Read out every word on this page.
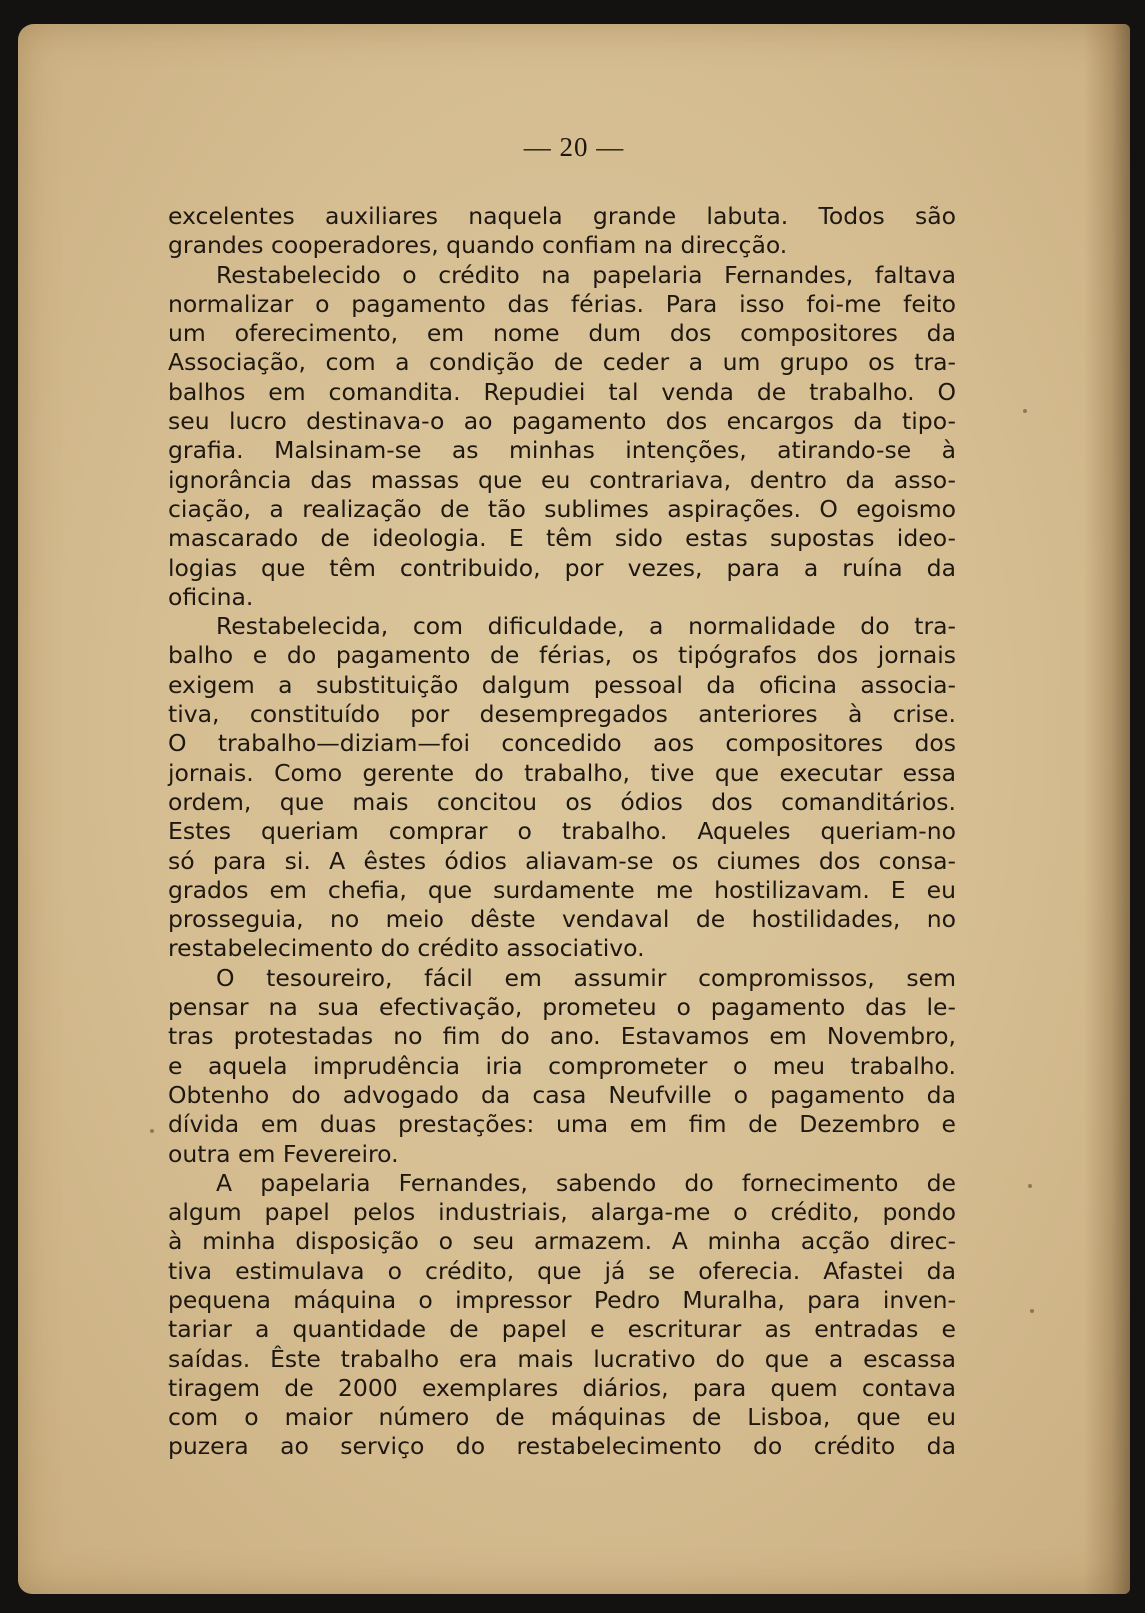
— 20 —
excelentes auxiliares naquela grande labuta. Todos são
grandes cooperadores, quando confiam na direcção.
Restabelecido o crédito na papelaria Fernandes, faltava
normalizar o pagamento das férias. Para isso foi-me feito
um oferecimento, em nome dum dos compositores da
Associação, com a condição de ceder a um grupo os tra-
balhos em comandita. Repudiei tal venda de trabalho. O
seu lucro destinava-o ao pagamento dos encargos da tipo-
grafia. Malsinam-se as minhas intenções, atirando-se à
ignorância das massas que eu contrariava, dentro da asso-
ciação, a realização de tão sublimes aspirações. O egoismo
mascarado de ideologia. E têm sido estas supostas ideo-
logias que têm contribuido, por vezes, para a ruína da
oficina.
Restabelecida, com dificuldade, a normalidade do tra-
balho e do pagamento de férias, os tipógrafos dos jornais
exigem a substituição dalgum pessoal da oficina associa-
tiva, constituído por desempregados anteriores à crise.
O trabalho—diziam—foi concedido aos compositores dos
jornais. Como gerente do trabalho, tive que executar essa
ordem, que mais concitou os ódios dos comanditários.
Estes queriam comprar o trabalho. Aqueles queriam-no
só para si. A êstes ódios aliavam-se os ciumes dos consa-
grados em chefia, que surdamente me hostilizavam. E eu
prosseguia, no meio dêste vendaval de hostilidades, no
restabelecimento do crédito associativo.
O tesoureiro, fácil em assumir compromissos, sem
pensar na sua efectivação, prometeu o pagamento das le-
tras protestadas no fim do ano. Estavamos em Novembro,
e aquela imprudência iria comprometer o meu trabalho.
Obtenho do advogado da casa Neufville o pagamento da
dívida em duas prestações: uma em fim de Dezembro e
outra em Fevereiro.
A papelaria Fernandes, sabendo do fornecimento de
algum papel pelos industriais, alarga-me o crédito, pondo
à minha disposição o seu armazem. A minha acção direc-
tiva estimulava o crédito, que já se oferecia. Afastei da
pequena máquina o impressor Pedro Muralha, para inven-
tariar a quantidade de papel e escriturar as entradas e
saídas. Êste trabalho era mais lucrativo do que a escassa
tiragem de 2000 exemplares diários, para quem contava
com o maior número de máquinas de Lisboa, que eu
puzera ao serviço do restabelecimento do crédito da
